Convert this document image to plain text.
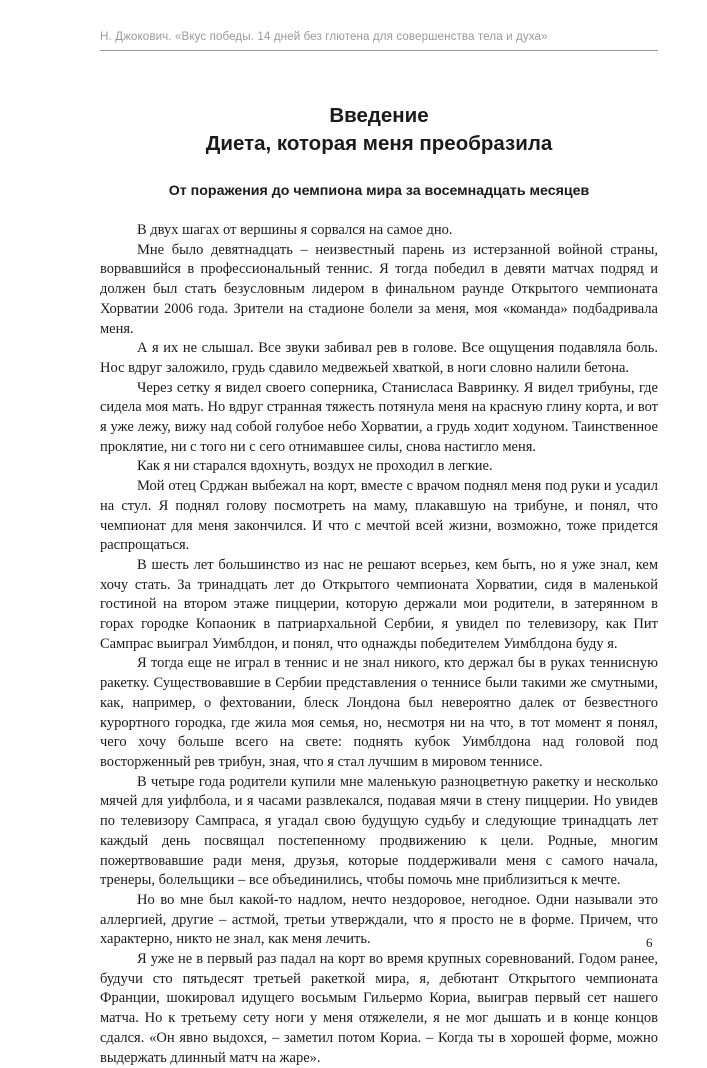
Н. Джокович. «Вкус победы. 14 дней без глютена для совершенства тела и духа»
Введение
Диета, которая меня преобразила
От поражения до чемпиона мира за восемнадцать месяцев

В двух шагах от вершины я сорвался на самое дно.

Мне было девятнадцать – неизвестный парень из истерзанной войной страны, ворвавшийся в профессиональный теннис. Я тогда победил в девяти матчах подряд и должен был стать безусловным лидером в финальном раунде Открытого чемпионата Хорватии 2006 года. Зрители на стадионе болели за меня, моя «команда» подбадривала меня.

А я их не слышал. Все звуки забивал рев в голове. Все ощущения подавляла боль. Нос вдруг заложило, грудь сдавило медвежьей хваткой, в ноги словно налили бетона.

Через сетку я видел своего соперника, Станисласа Вавринку. Я видел трибуны, где сидела моя мать. Но вдруг странная тяжесть потянула меня на красную глину корта, и вот я уже лежу, вижу над собой голубое небо Хорватии, а грудь ходит ходуном. Таинственное проклятие, ни с того ни с сего отнимавшее силы, снова настигло меня.

Как я ни старался вдохнуть, воздух не проходил в легкие.

Мой отец Срджан выбежал на корт, вместе с врачом поднял меня под руки и усадил на стул. Я поднял голову посмотреть на маму, плакавшую на трибуне, и понял, что чемпионат для меня закончился. И что с мечтой всей жизни, возможно, тоже придется распрощаться.

В шесть лет большинство из нас не решают всерьез, кем быть, но я уже знал, кем хочу стать. За тринадцать лет до Открытого чемпионата Хорватии, сидя в маленькой гостиной на втором этаже пиццерии, которую держали мои родители, в затерянном в горах городке Копаоник в патриархальной Сербии, я увидел по телевизору, как Пит Сампрас выиграл Уимблдон, и понял, что однажды победителем Уимблдона буду я.

Я тогда еще не играл в теннис и не знал никого, кто держал бы в руках теннисную ракетку. Существовавшие в Сербии представления о теннисе были такими же смутными, как, например, о фехтовании, блеск Лондона был невероятно далек от безвестного курортного городка, где жила моя семья, но, несмотря ни на что, в тот момент я понял, чего хочу больше всего на свете: поднять кубок Уимблдона над головой под восторженный рев трибун, зная, что я стал лучшим в мировом теннисе.

В четыре года родители купили мне маленькую разноцветную ракетку и несколько мячей для уифлбола, и я часами развлекался, подавая мячи в стену пиццерии. Но увидев по телевизору Сампраса, я угадал свою будущую судьбу и следующие тринадцать лет каждый день посвящал постепенному продвижению к цели. Родные, многим пожертвовавшие ради меня, друзья, которые поддерживали меня с самого начала, тренеры, болельщики – все объединились, чтобы помочь мне приблизиться к мечте.

Но во мне был какой-то надлом, нечто нездоровое, негодное. Одни называли это аллергией, другие – астмой, третьи утверждали, что я просто не в форме. Причем, что характерно, никто не знал, как меня лечить.

Я уже не в первый раз падал на корт во время крупных соревнований. Годом ранее, будучи сто пятьдесят третьей ракеткой мира, я, дебютант Открытого чемпионата Франции, шокировал идущего восьмым Гильермо Кориа, выиграв первый сет нашего матча. Но к третьему сету ноги у меня отяжелели, я не мог дышать и в конце концов сдался. «Он явно выдохся, – заметил потом Кориа. – Когда ты в хорошей форме, можно выдержать длинный матч на жаре».

6
